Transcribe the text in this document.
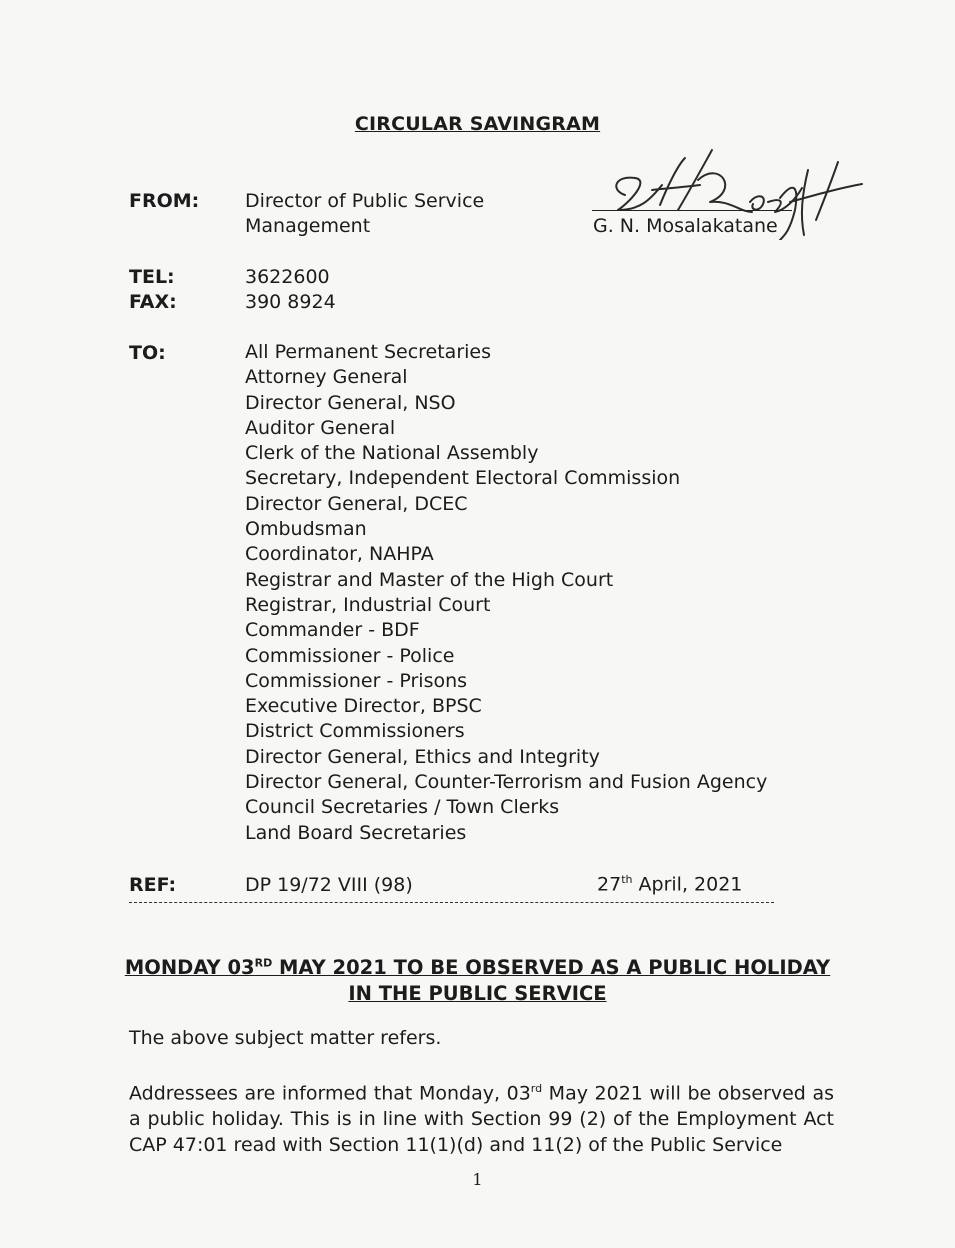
CIRCULAR SAVINGRAM
FROM: Director of Public Service
Management	G. N. Mosalakatane
TEL:	3622600
FAX:	390 8924
TO:	All Permanent Secretaries
Attorney General
Director General, NSO
Auditor General
Clerk of the National Assembly
Secretary, Independent Electoral Commission
Director General, DCEC
Ombudsman
Coordinator, NAHPA
Registrar and Master of the High Court
Registrar, Industrial Court
Commander - BDF
Commissioner - Police
Commissioner - Prisons
Executive Director, BPSC
District Commissioners
Director General, Ethics and Integrity
Director General, Counter-Terrorism and Fusion Agency
Council Secretaries / Town Clerks
Land Board Secretaries
REF:	DP 19/72 VIII (98)	27th April, 2021
MONDAY 03RD MAY 2021 TO BE OBSERVED AS A PUBLIC HOLIDAY
IN THE PUBLIC SERVICE
The above subject matter refers.
Addressees are informed that Monday, 03rd May 2021 will be observed as a public holiday. This is in line with Section 99 (2) of the Employment Act CAP 47:01 read with Section 11(1)(d) and 11(2) of the Public Service
1
